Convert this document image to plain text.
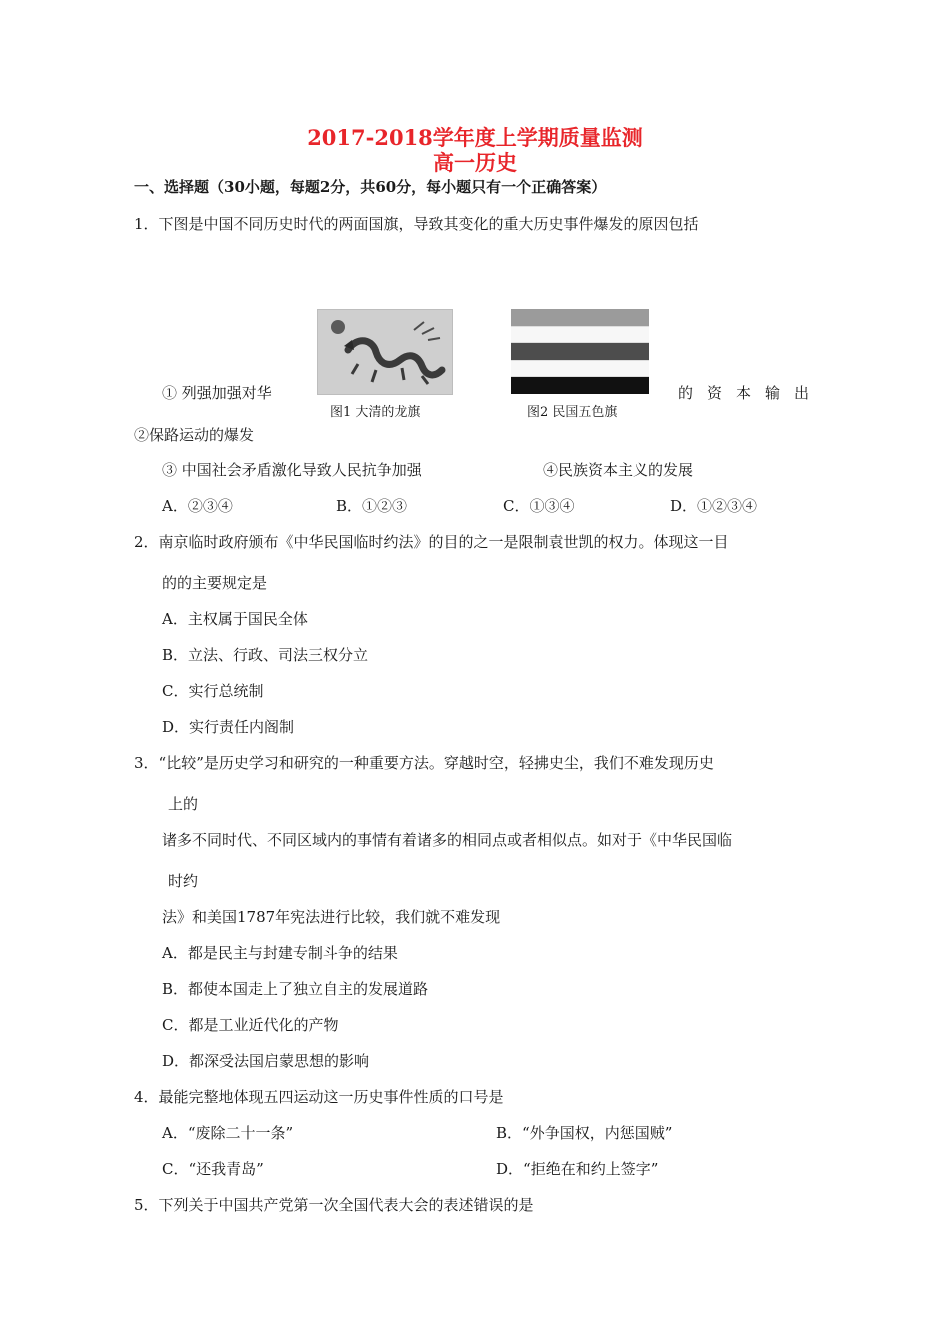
2017-2018学年度上学期质量监测
高一历史
一、选择题（30小题，每题2分，共60分，每小题只有一个正确答案）
1．下图是中国不同历史时代的两面国旗，导致其变化的重大历史事件爆发的原因包括
图1 大清的龙旗	图2 民国五色旗
① 列强加强对华	的资本输出
②保路运动的爆发
③ 中国社会矛盾激化导致人民抗争加强	④民族资本主义的发展
A．②③④	B．①②③	C．①③④	D．①②③④
2．南京临时政府颁布《中华民国临时约法》的目的之一是限制袁世凯的权力。体现这一目
的的主要规定是
A．主权属于国民全体
B．立法、行政、司法三权分立
C．实行总统制
D．实行责任内阁制
3．“比较”是历史学习和研究的一种重要方法。穿越时空，轻拂史尘，我们不难发现历史
上的
诸多不同时代、不同区域内的事情有着诸多的相同点或者相似点。如对于《中华民国临
时约
法》和美国1787年宪法进行比较，我们就不难发现
A．都是民主与封建专制斗争的结果
B．都使本国走上了独立自主的发展道路
C．都是工业近代化的产物
D．都深受法国启蒙思想的影响
4．最能完整地体现五四运动这一历史事件性质的口号是
A．“废除二十一条”	B．“外争国权，内惩国贼”
C．“还我青岛”	D．“拒绝在和约上签字”
5．下列关于中国共产党第一次全国代表大会的表述错误的是
